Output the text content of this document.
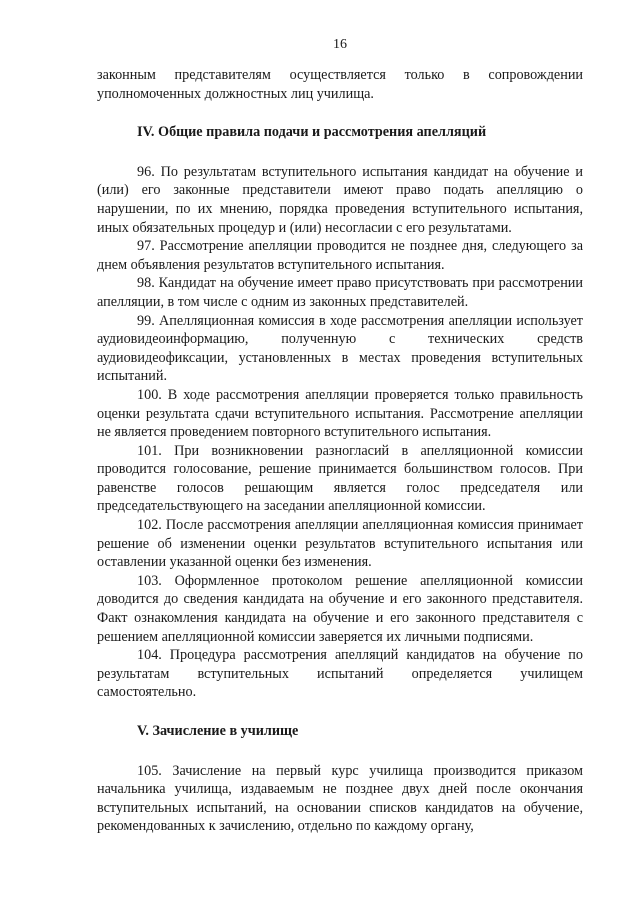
16

законным представителям осуществляется только в сопровождении уполномоченных должностных лиц училища.

IV. Общие правила подачи и рассмотрения апелляций

96. По результатам вступительного испытания кандидат на обучение и (или) его законные представители имеют право подать апелляцию о нарушении, по их мнению, порядка проведения вступительного испытания, иных обязательных процедур и (или) несогласии с его результатами.

97. Рассмотрение апелляции проводится не позднее дня, следующего за днем объявления результатов вступительного испытания.

98. Кандидат на обучение имеет право присутствовать при рассмотрении апелляции, в том числе с одним из законных представителей.

99. Апелляционная комиссия в ходе рассмотрения апелляции использует аудиовидеоинформацию, полученную с технических средств аудиовидеофиксации, установленных в местах проведения вступительных испытаний.

100. В ходе рассмотрения апелляции проверяется только правильность оценки результата сдачи вступительного испытания. Рассмотрение апелляции не является проведением повторного вступительного испытания.

101. При возникновении разногласий в апелляционной комиссии проводится голосование, решение принимается большинством голосов. При равенстве голосов решающим является голос председателя или председательствующего на заседании апелляционной комиссии.

102. После рассмотрения апелляции апелляционная комиссия принимает решение об изменении оценки результатов вступительного испытания или оставлении указанной оценки без изменения.

103. Оформленное протоколом решение апелляционной комиссии доводится до сведения кандидата на обучение и его законного представителя. Факт ознакомления кандидата на обучение и его законного представителя с решением апелляционной комиссии заверяется их личными подписями.

104. Процедура рассмотрения апелляций кандидатов на обучение по результатам вступительных испытаний определяется училищем самостоятельно.

V. Зачисление в училище

105. Зачисление на первый курс училища производится приказом начальника училища, издаваемым не позднее двух дней после окончания вступительных испытаний, на основании списков кандидатов на обучение, рекомендованных к зачислению, отдельно по каждому органу,
